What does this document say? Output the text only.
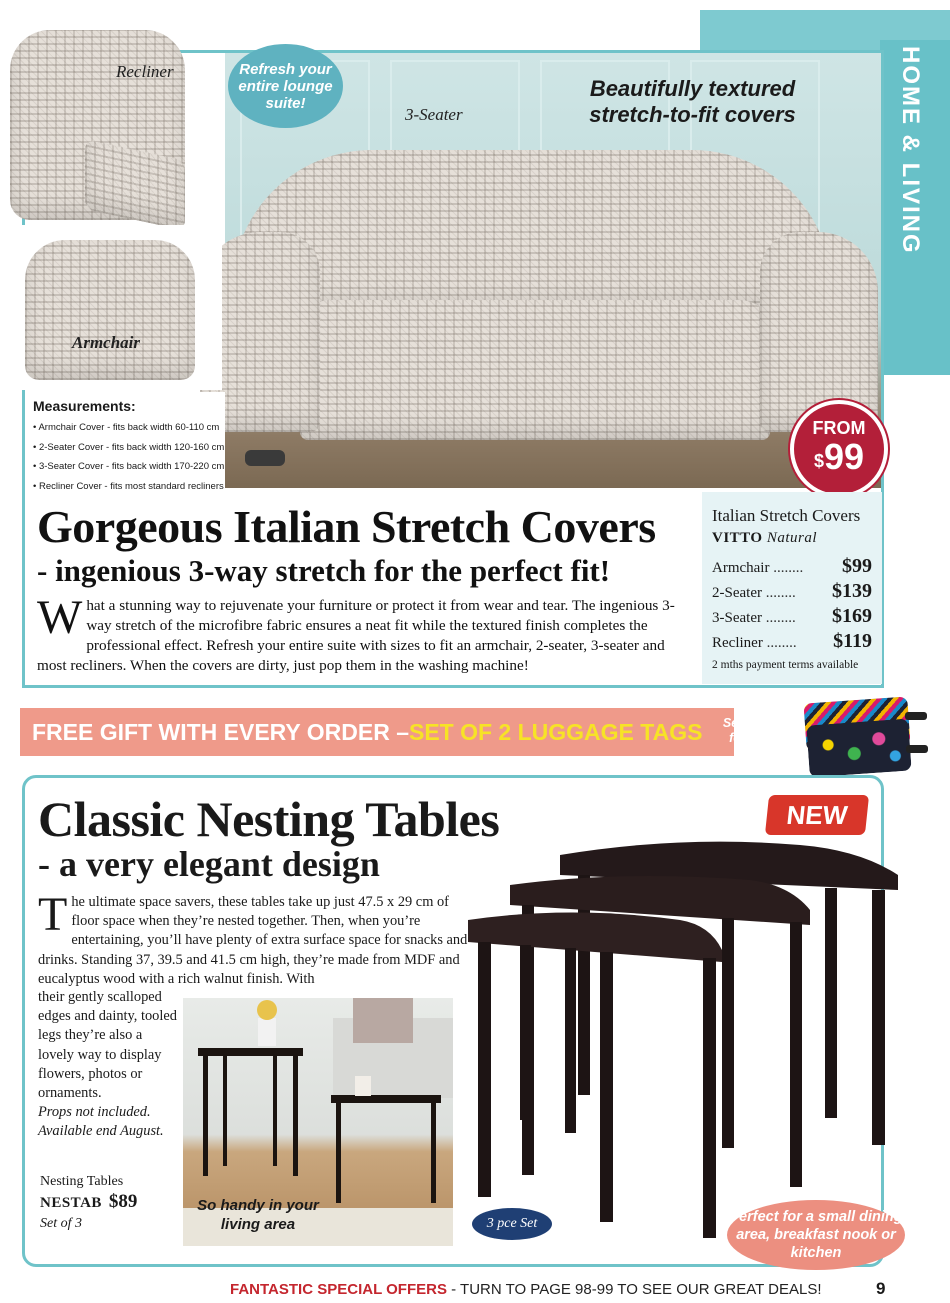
HOME & LIVING
Recliner
Armchair
3-Seater
Refresh your entire lounge suite!
Beautifully textured stretch-to-fit covers
Measurements:
• Armchair Cover - fits back width 60-110 cm
• 2-Seater Cover - fits back width 120-160 cm
• 3-Seater Cover - fits back width 170-220 cm
• Recliner Cover - fits most standard recliners
FROM
$99
Gorgeous Italian Stretch Covers
- ingenious 3-way stretch for the perfect fit!
What a stunning way to rejuvenate your furniture or protect it from wear and tear. The ingenious 3-way stretch of the microfibre fabric ensures a neat fit while the textured finish completes the professional effect. Refresh your entire suite with sizes to fit an armchair, 2-seater, 3-seater and most recliners. When the covers are dirty, just pop them in the washing machine!
Italian Stretch Covers
VITTO Natural
Armchair .....	$99
2-Seater .....	$139
3-Seater .....	$169
Recliner .....	$119
2 mths payment terms available
FREE GIFT WITH EVERY ORDER – SET OF 2 LUGGAGE TAGS	See page 96 for details
Classic Nesting Tables
- a very elegant design
NEW
The ultimate space savers, these tables take up just 47.5 x 29 cm of floor space when they’re nested together. Then, when you’re entertaining, you’ll have plenty of extra surface space for snacks and drinks. Standing 37, 39.5 and 41.5 cm high, they’re made from MDF and eucalyptus wood with a rich walnut finish. With
their gently scalloped edges and dainty, tooled legs they’re also a lovely way to display flowers, photos or ornaments.
Props not included.
Available end August.
Nesting Tables
NESTAB $89
Set of 3
So handy in your living area	3 pce Set	Perfect for a small dining area, breakfast nook or kitchen
FANTASTIC SPECIAL OFFERS - TURN TO PAGE 98-99 TO SEE OUR GREAT DEALS!	9
